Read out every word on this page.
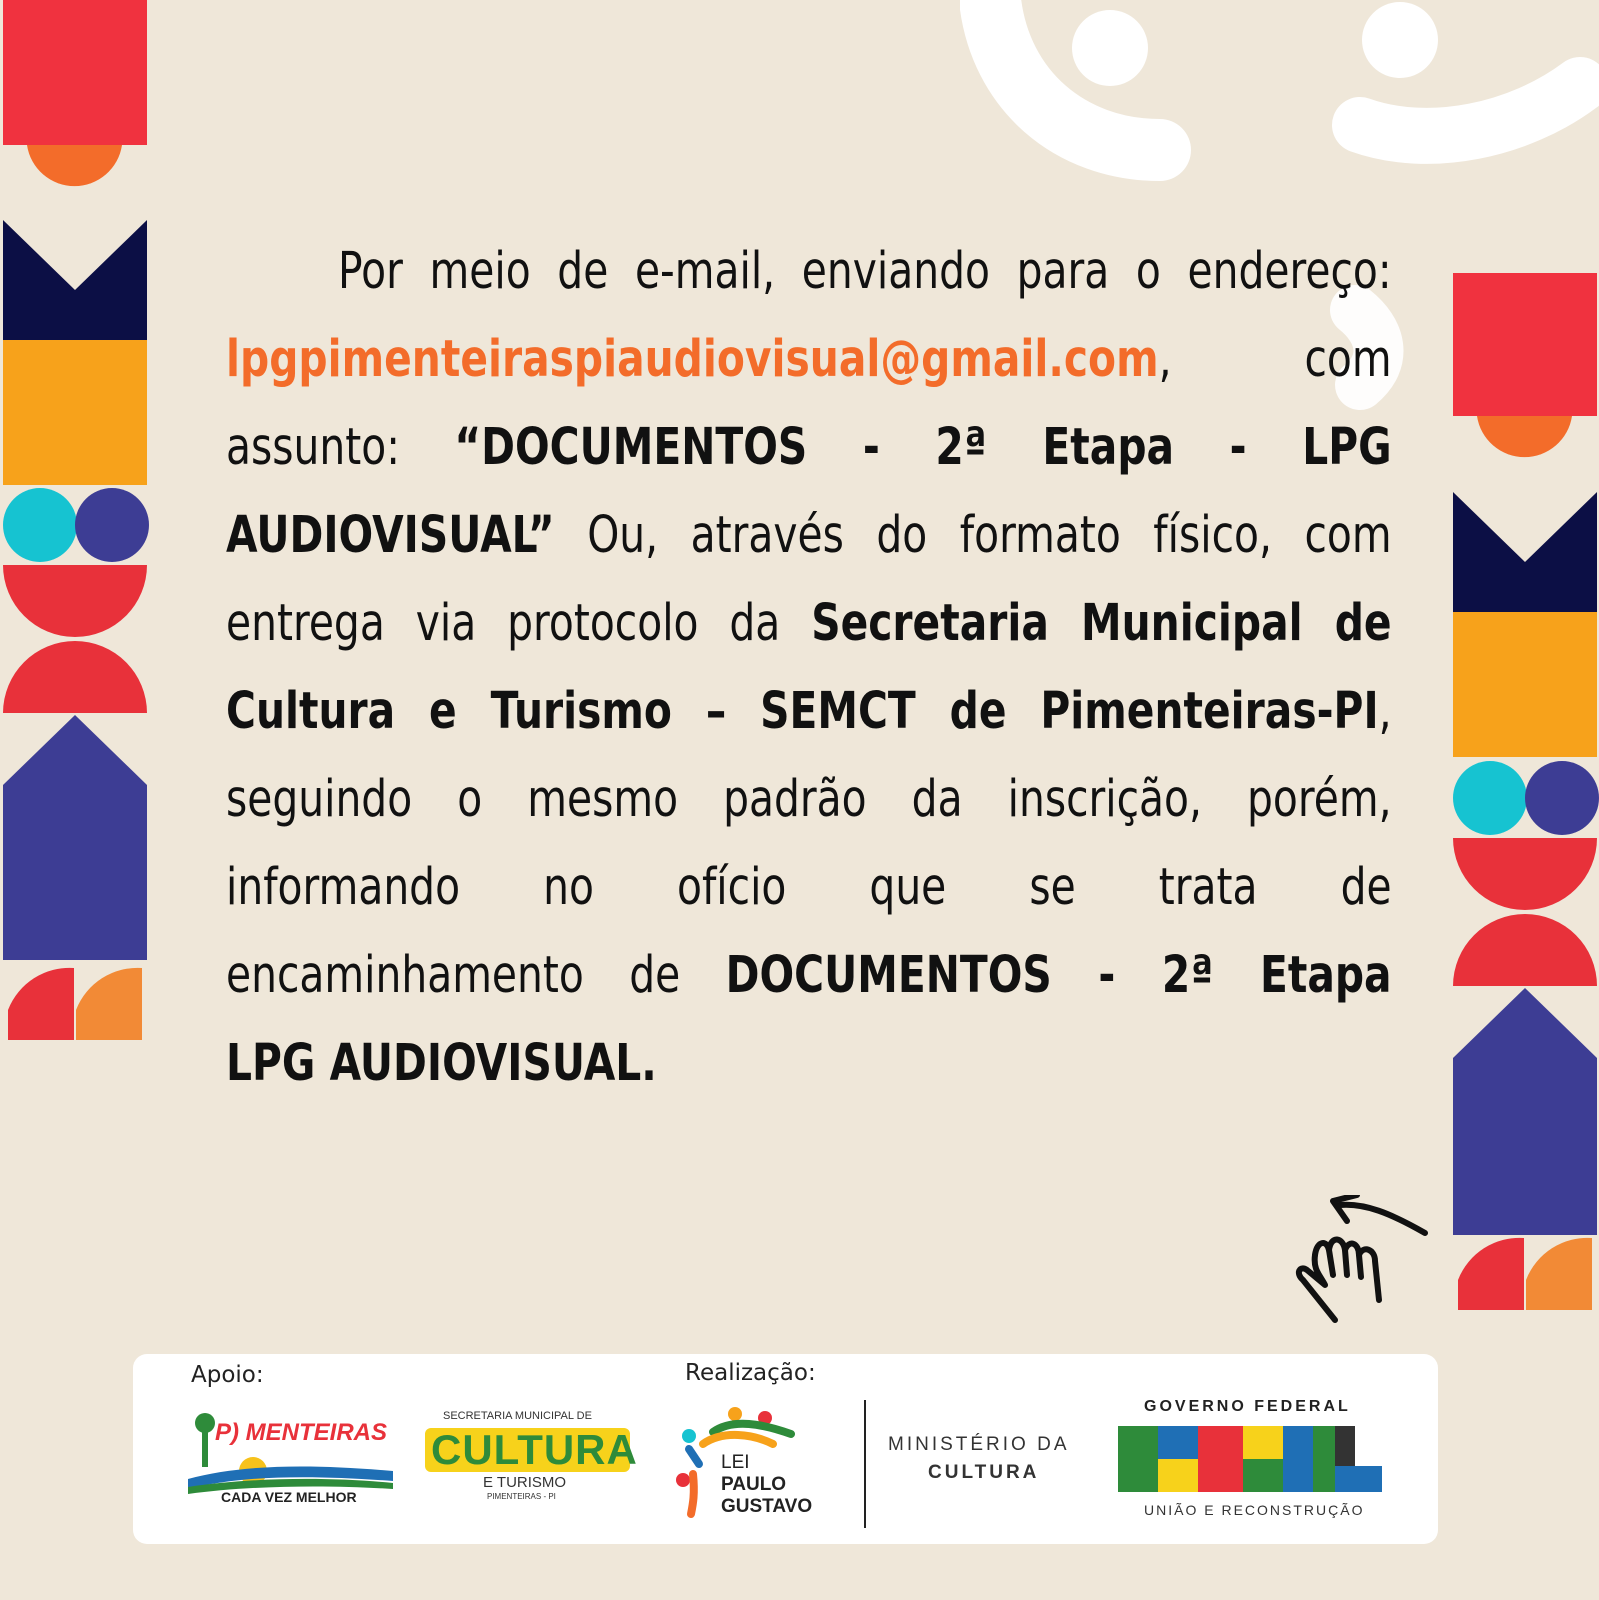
Por meio de e-mail, enviando para o endereço:
lpgpimenteiraspiaudiovisual@gmail.com, com
assunto: “DOCUMENTOS - 2ª Etapa - LPG
AUDIOVISUAL” Ou, através do formato físico, com
entrega via protocolo da Secretaria Municipal de
Cultura e Turismo – SEMCT de Pimenteiras-PI,
seguindo o mesmo padrão da inscrição, porém,
informando no ofício que se trata de
encaminhamento de DOCUMENTOS - 2ª Etapa
LPG AUDIOVISUAL.
Apoio:	Realização:
P) MENTEIRAS
CADA VEZ MELHOR
SECRETARIA MUNICIPAL DE
CULTURA
E TURISMO
PIMENTEIRAS - PI
LEI
PAULO
GUSTAVO
MINISTÉRIO DA
CULTURA
GOVERNO FEDERAL
UNIÃO E RECONSTRUÇÃO
